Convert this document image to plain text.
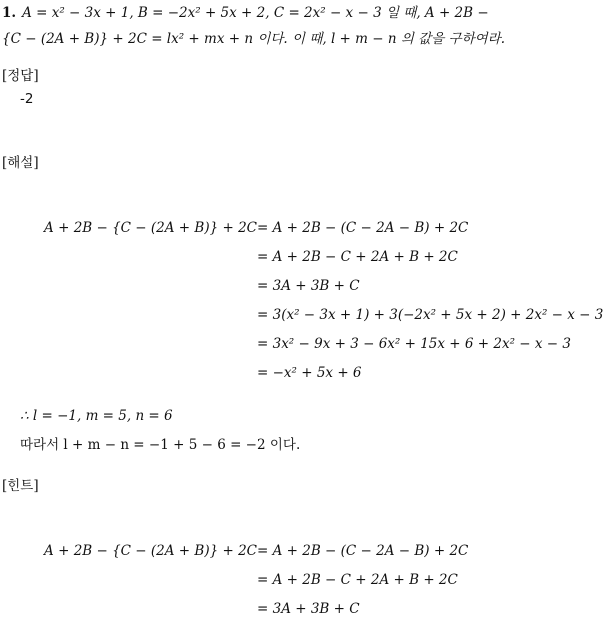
1. A = x² − 3x + 1, B = −2x² + 5x + 2, C = 2x² − x − 3 일 때, A + 2B −
{C − (2A + B)} + 2C = lx² + mx + n 이다. 이 때, l + m − n 의 값을 구하여라.
[정답]
-2
[해설]
A + 2B − {C − (2A + B)} + 2C = A + 2B − (C − 2A − B) + 2C
= A + 2B − C + 2A + B + 2C
= 3A + 3B + C
= 3(x² − 3x + 1) + 3(−2x² + 5x + 2) + 2x² − x − 3
= 3x² − 9x + 3 − 6x² + 15x + 6 + 2x² − x − 3
= −x² + 5x + 6
∴ l = −1, m = 5, n = 6
따라서 l + m − n = −1 + 5 − 6 = −2 이다.
[힌트]
A + 2B − {C − (2A + B)} + 2C = A + 2B − (C − 2A − B) + 2C
= A + 2B − C + 2A + B + 2C
= 3A + 3B + C
